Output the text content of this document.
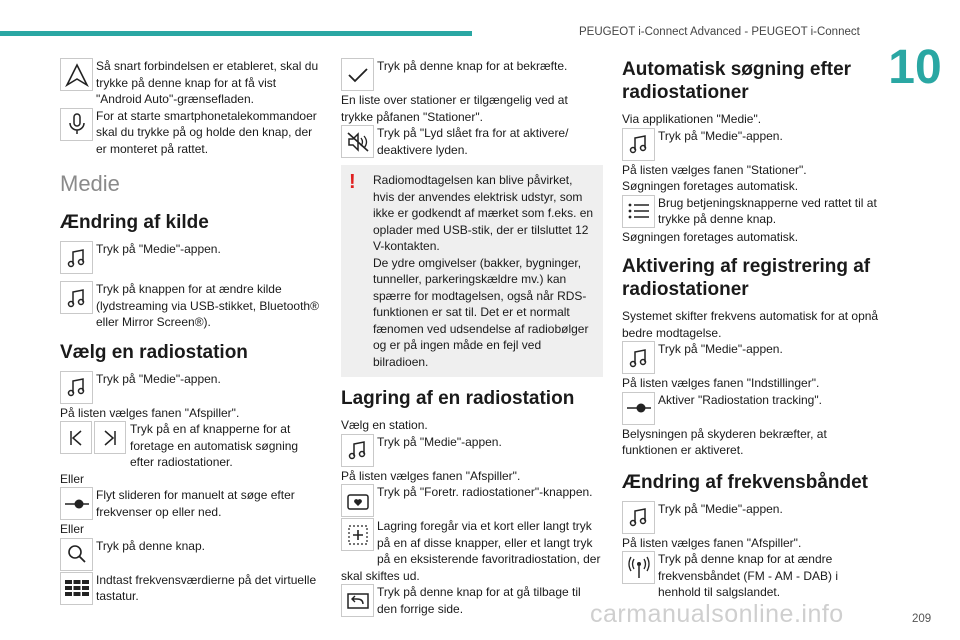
PEUGEOT i-Connect Advanced - PEUGEOT i-Connect
10

Så snart forbindelsen er etableret, skal du trykke på denne knap for at få vist "Android Auto"-grænsefladen.

For at starte smartphonetalekommandoer skal du trykke på og holde den knap, der er monteret på rattet.

Medie
Ændring af kilde

Tryk på "Medie"-appen.

Tryk på knappen for at ændre kilde (lydstreaming via USB-stikket, Bluetooth® eller Mirror Screen®).

Vælg en radiostation

Tryk på "Medie"-appen.

På listen vælges fanen "Afspiller".

Tryk på en af knapperne for at foretage en automatisk søgning efter radiostationer.

Eller

Flyt slideren for manuelt at søge efter frekvenser op eller ned.

Eller

Tryk på denne knap.

Indtast frekvensværdierne på det virtuelle tastatur.

Tryk på denne knap for at bekræfte.

En liste over stationer er tilgængelig ved at trykke påfanen "Stationer".

Tryk på "Lyd slået fra for at aktivere/ deaktivere lyden.

! Radiomodtagelsen kan blive påvirket, hvis der anvendes elektrisk udstyr, som ikke er godkendt af mærket som f.eks. en oplader med USB-stik, der er tilsluttet 12 V-kontakten.

De ydre omgivelser (bakker, bygninger, tunneller, parkeringskældre mv.) kan spærre for modtagelsen, også når RDS-funktionen er sat til. Det er et normalt fænomen ved udsendelse af radiobølger og er på ingen måde en fejl ved bilradioen.

Lagring af en radiostation

Vælg en station.

Tryk på "Medie"-appen.

På listen vælges fanen "Afspiller".

Tryk på "Foretr. radiostationer"-knappen.

Lagring foregår via et kort eller langt tryk på en af disse knapper, eller et langt tryk på en eksisterende favoritradiostation, der skal skiftes ud.

Tryk på denne knap for at gå tilbage til den forrige side.

Automatisk søgning efter radiostationer

Via applikationen "Medie".

Tryk på "Medie"-appen.

På listen vælges fanen "Stationer".

Søgningen foretages automatisk.

Brug betjeningsknapperne ved rattet til at trykke på denne knap.

Søgningen foretages automatisk.

Aktivering af registrering af radiostationer

Systemet skifter frekvens automatisk for at opnå bedre modtagelse.

Tryk på "Medie"-appen.

På listen vælges fanen "Indstillinger".

Aktiver "Radiostation tracking".

Belysningen på skyderen bekræfter, at funktionen er aktiveret.

Ændring af frekvensbåndet

Tryk på "Medie"-appen.

På listen vælges fanen "Afspiller".

Tryk på denne knap for at ændre frekvensbåndet (FM - AM - DAB) i henhold til salgslandet.

carmanualsonline.info	209
